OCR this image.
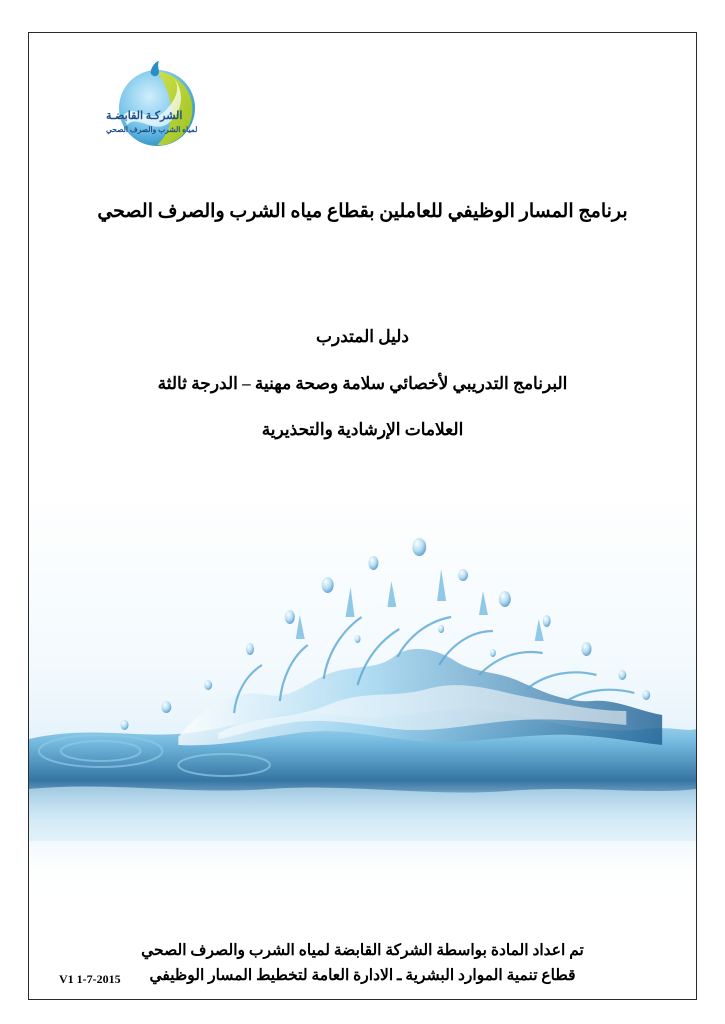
الشركـة القابضـة
لمياه الشرب والصرف الصحي
برنامج المسار الوظيفي للعاملين بقطاع مياه الشرب والصرف الصحي
دليل المتدرب
البرنامج التدريبي لأخصائي سلامة وصحة مهنية – الدرجة ثالثة
العلامات الإرشادية والتحذيرية
تم اعداد المادة بواسطة الشركة القابضة لمياه الشرب والصرف الصحي
قطاع تنمية الموارد البشرية ـ الادارة العامة لتخطيط المسار الوظيفي
V1 1-7-2015
